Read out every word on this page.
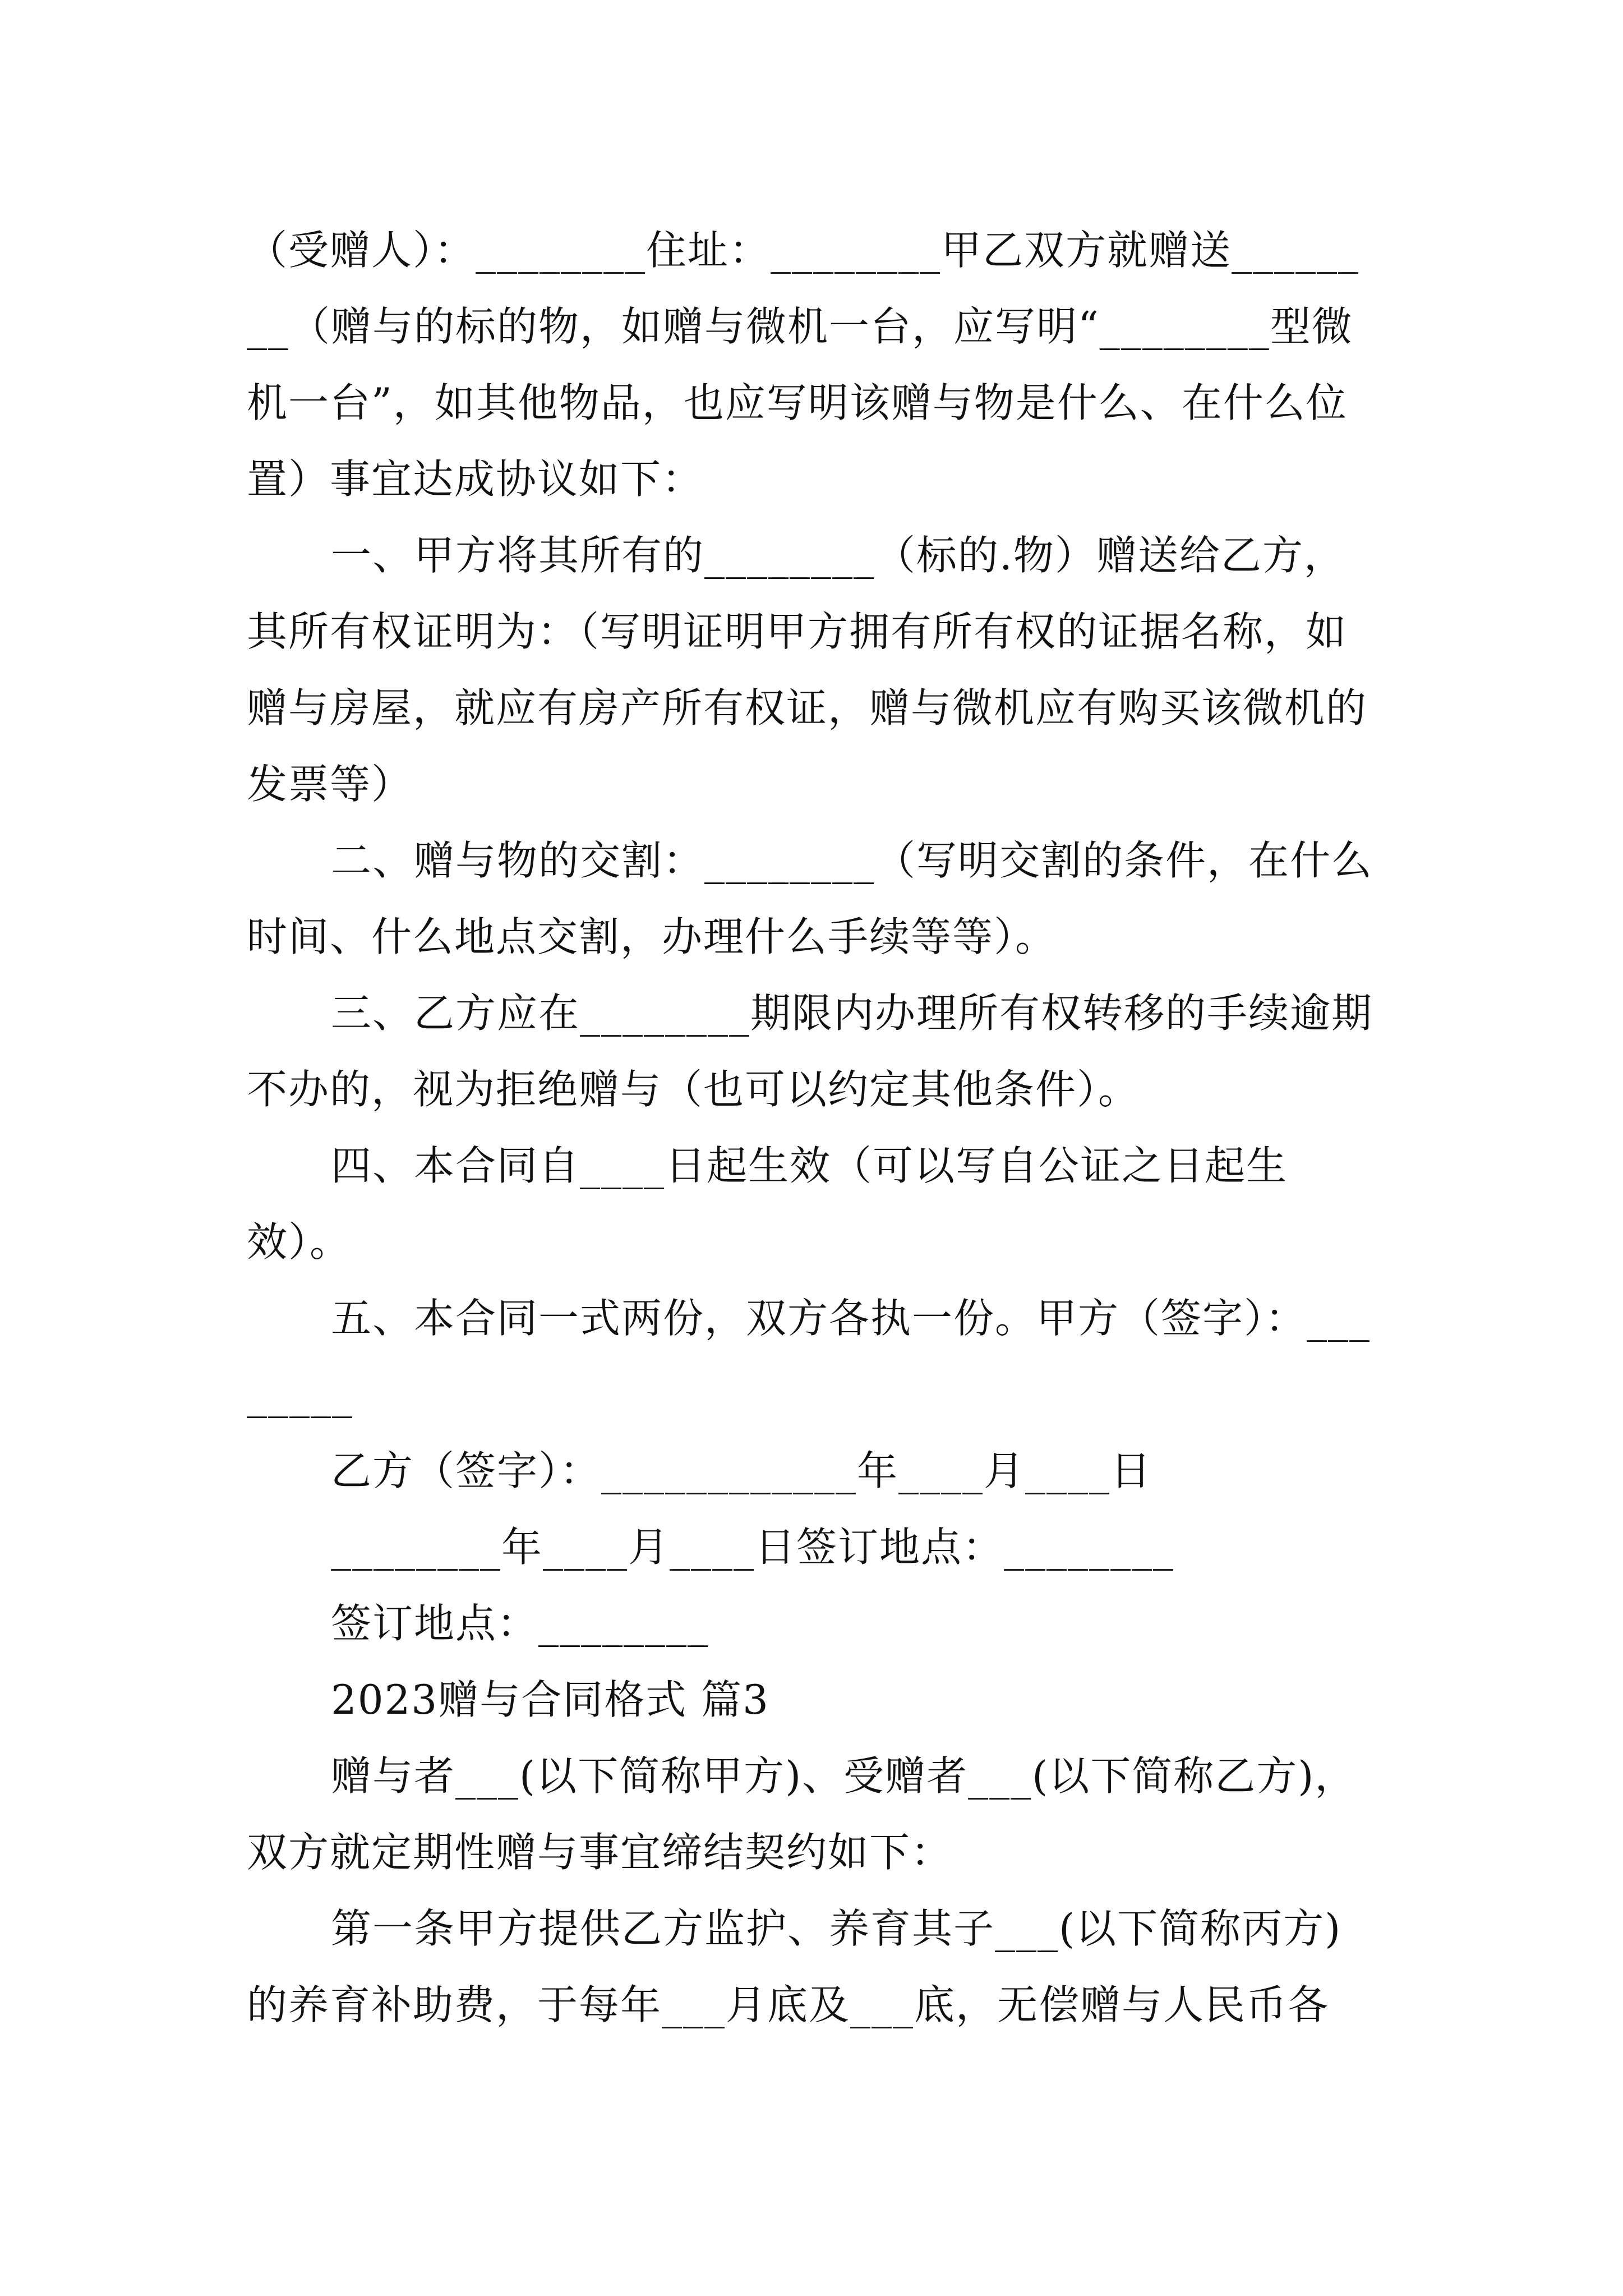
（受赠人）：________住址：________甲乙双方就赠送________（赠与的标的物，如赠与微机一台，应写明“________型微机一台”，如其他物品，也应写明该赠与物是什么、在什么位置）事宜达成协议如下：

一、甲方将其所有的________（标的.物）赠送给乙方，其所有权证明为：（写明证明甲方拥有所有权的证据名称，如赠与房屋，就应有房产所有权证，赠与微机应有购买该微机的发票等）

二、赠与物的交割：________（写明交割的条件，在什么时间、什么地点交割，办理什么手续等等）。

三、乙方应在________期限内办理所有权转移的手续逾期不办的，视为拒绝赠与（也可以约定其他条件）。

四、本合同自____日起生效（可以写自公证之日起生效）。

五、本合同一式两份，双方各执一份。甲方（签字）：________

乙方（签字）：____________年____月____日

________年____月____日签订地点：________

签订地点：________

2023赠与合同格式 篇3

赠与者___(以下简称甲方)、受赠者___(以下简称乙方)，双方就定期性赠与事宜缔结契约如下：

第一条甲方提供乙方监护、养育其子___(以下简称丙方)的养育补助费，于每年___月底及___底，无偿赠与人民币各
